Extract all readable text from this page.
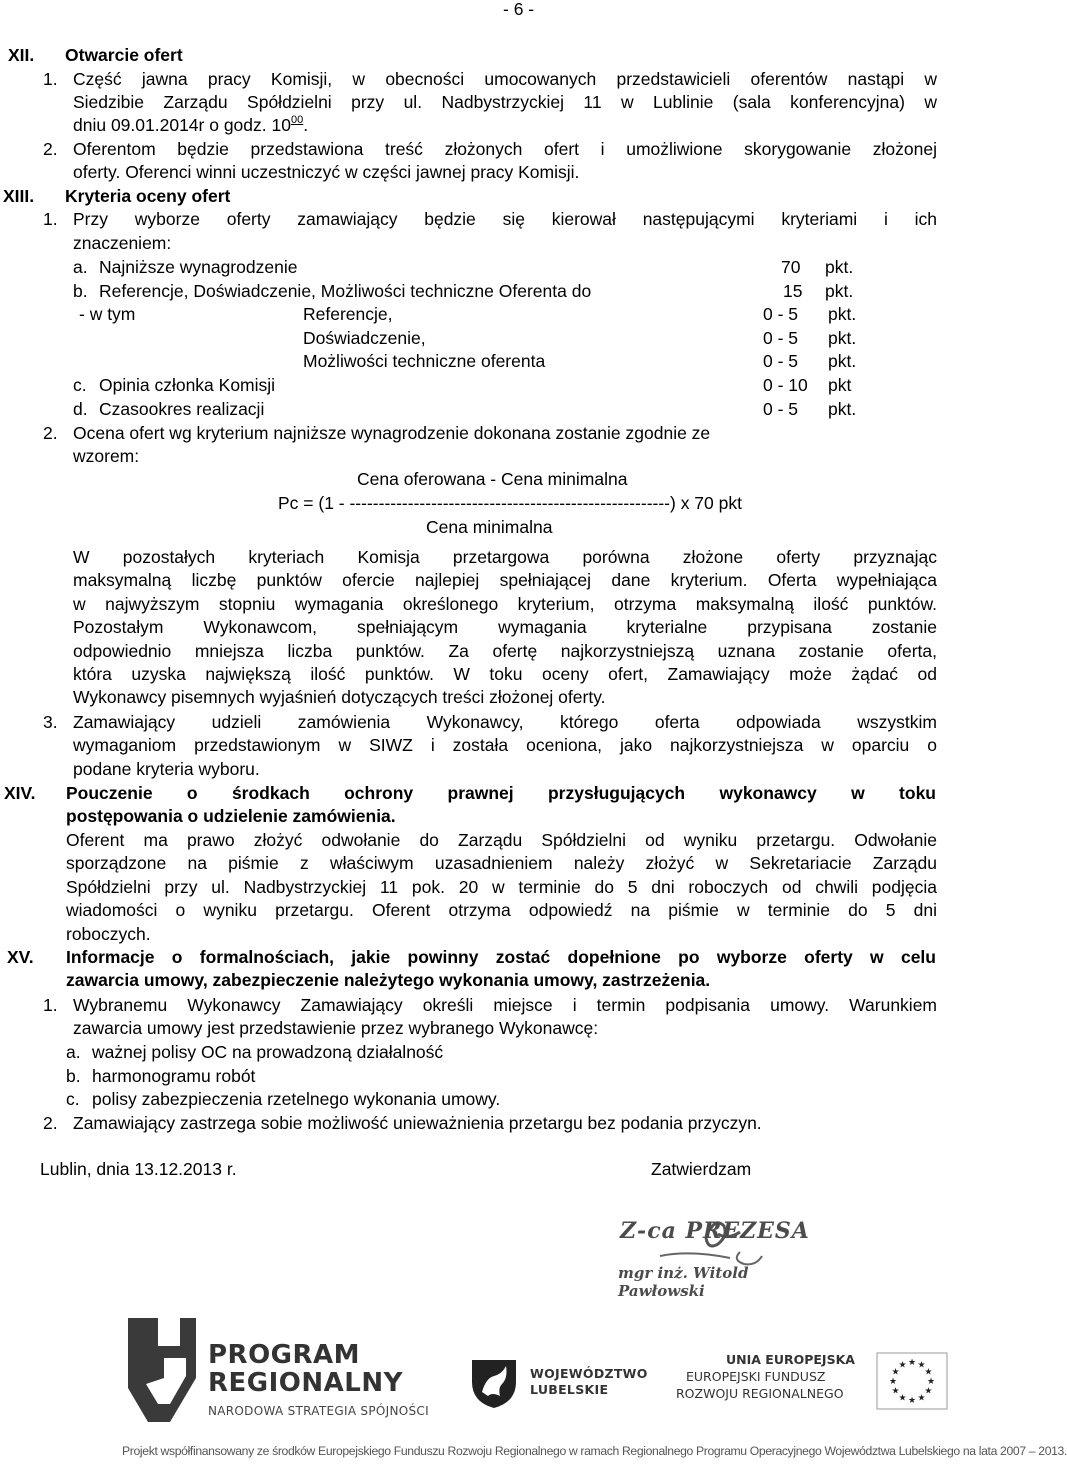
- 6 -
XII. Otwarcie ofert
1. Część jawna pracy Komisji, w obecności umocowanych przedstawicieli oferentów nastąpi w
Siedzibie Zarządu Spółdzielni przy ul. Nadbystrzyckiej 11 w Lublinie (sala konferencyjna) w
dniu 09.01.2014r o godz. $10^{00}$.
2. Oferentom będzie przedstawiona treść złożonych ofert i umożliwione skorygowanie złożonej
oferty. Oferenci winni uczestniczyć w części jawnej pracy Komisji.
XIII. Kryteria oceny ofert
1. Przy wyborze oferty zamawiający będzie się kierował następującymi kryteriami i ich
znaczeniem:
a. Najniższe wynagrodzenie	70 pkt.
b. Referencje, Doświadczenie, Możliwości techniczne Oferenta do	15 pkt.
- w tym	Referencje,	0 - 5 pkt.
Doświadczenie,	0 - 5 pkt.
Możliwości techniczne oferenta	0 - 5 pkt.
c. Opinia członka Komisji	0 - 10 pkt
d. Czasookres realizacji	0 - 5 pkt.
2. Ocena ofert wg kryterium najniższe wynagrodzenie dokonana zostanie zgodnie ze
wzorem:
Cena oferowana - Cena minimalna
Pc = (1 - -------------------------------------------------------) x 70 pkt
Cena minimalna
W pozostałych kryteriach Komisja przetargowa porówna złożone oferty przyznając
maksymalną liczbę punktów ofercie najlepiej spełniającej dane kryterium. Oferta wypełniająca
w najwyższym stopniu wymagania określonego kryterium, otrzyma maksymalną ilość punktów.
Pozostałym Wykonawcom, spełniającym wymagania kryterialne przypisana zostanie
odpowiednio mniejsza liczba punktów. Za ofertę najkorzystniejszą uznana zostanie oferta,
która uzyska największą ilość punktów. W toku oceny ofert, Zamawiający może żądać od
Wykonawcy pisemnych wyjaśnień dotyczących treści złożonej oferty.
3. Zamawiający udzieli zamówienia Wykonawcy, którego oferta odpowiada wszystkim
wymaganiom przedstawionym w SIWZ i została oceniona, jako najkorzystniejsza w oparciu o
podane kryteria wyboru.
XIV. Pouczenie o środkach ochrony prawnej przysługujących wykonawcy w toku
postępowania o udzielenie zamówienia.
Oferent ma prawo złożyć odwołanie do Zarządu Spółdzielni od wyniku przetargu. Odwołanie
sporządzone na piśmie z właściwym uzasadnieniem należy złożyć w Sekretariacie Zarządu
Spółdzielni przy ul. Nadbystrzyckiej 11 pok. 20 w terminie do 5 dni roboczych od chwili podjęcia
wiadomości o wyniku przetargu. Oferent otrzyma odpowiedź na piśmie w terminie do 5 dni
roboczych.
XV. Informacje o formalnościach, jakie powinny zostać dopełnione po wyborze oferty w celu
zawarcia umowy, zabezpieczenie należytego wykonania umowy, zastrzeżenia.
1. Wybranemu Wykonawcy Zamawiający określi miejsce i termin podpisania umowy. Warunkiem
zawarcia umowy jest przedstawienie przez wybranego Wykonawcę:
a. ważnej polisy OC na prowadzoną działalność
b. harmonogramu robót
c. polisy zabezpieczenia rzetelnego wykonania umowy.
2. Zamawiający zastrzega sobie możliwość unieważnienia przetargu bez podania przyczyn.
Lublin, dnia 13.12.2013 r.	Zatwierdzam
Z-ca PREZESA
mgr inż. Witold Pawłowski
PROGRAM
REGIONALNY
NARODOWA STRATEGIA SPÓJNOŚCI
WOJEWÓDZTWO
LUBELSKIE
UNIA EUROPEJSKA
EUROPEJSKI FUNDUSZ
ROZWOJU REGIONALNEGO
★ ★
★
★
★
★
★
★
★
★
★
★
Projekt współfinansowany ze środków Europejskiego Funduszu Rozwoju Regionalnego w ramach Regionalnego Programu Operacyjnego Województwa Lubelskiego na lata 2007 – 2013.
